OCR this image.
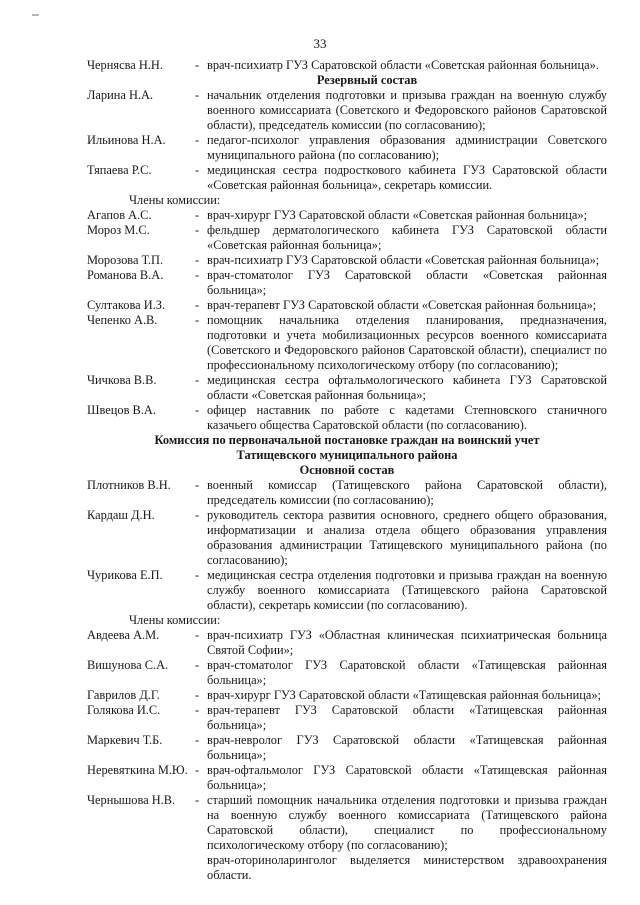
33
Чернясва Н.Н.	- врач-психиатр ГУЗ Саратовской области «Советская районная больница».
Резервный состав
Ларина Н.А.	- начальник отделения подготовки и призыва граждан на военную службу военного комиссариата (Советского и Федоровского районов Саратовской области), председатель комиссии (по согласованию);
Ильинова Н.А.	- педагог-психолог управления образования администрации Советского муниципального района (по согласованию);
Тяпаева Р.С.	- медицинская сестра подросткового кабинета ГУЗ Саратовской области «Советская районная больница», секретарь комиссии.
Члены комиссии:
Агапов А.С.	- врач-хирург ГУЗ Саратовской области «Советская районная больница»;
Мороз М.С.	- фельдшер дерматологического кабинета ГУЗ Саратовской области «Советская районная больница»;
Морозова Т.П.	- врач-психиатр ГУЗ Саратовской области «Советская районная больница»;
Романова В.А.	- врач-стоматолог ГУЗ Саратовской области «Советская районная больница»;
Султакова И.З.	- врач-терапевт ГУЗ Саратовской области «Советская районная больница»;
Чепенко А.В.	- помощник начальника отделения планирования, предназначения, подготовки и учета мобилизационных ресурсов военного комиссариата (Советского и Федоровского районов Саратовской области), специалист по профессиональному психологическому отбору (по согласованию);
Чичкова В.В.	- медицинская сестра офтальмологического кабинета ГУЗ Саратовской области «Советская районная больница»;
Швецов В.А.	- офицер наставник по работе с кадетами Степновского станичного казачьего общества Саратовской области (по согласованию).
Комиссия по первоначальной постановке граждан на воинский учет
Татищевского муниципального района
Основной состав
Плотников В.Н.	- военный комиссар (Татищевского района Саратовской области), председатель комиссии (по согласованию);
Кардаш Д.Н.	- руководитель сектора развития основного, среднего общего образования, информатизации и анализа отдела общего образования управления образования администрации Татищевского муниципального района (по согласованию);
Чурикова Е.П.	- медицинская сестра отделения подготовки и призыва граждан на военную службу военного комиссариата (Татищевского района Саратовской области), секретарь комиссии (по согласованию).
Члены комиссии:
Авдеева А.М.	- врач-психиатр ГУЗ «Областная клиническая психиатрическая больница Святой Софии»;
Вишунова С.А.	- врач-стоматолог ГУЗ Саратовской области «Татищевская районная больница»;
Гаврилов Д.Г.	- врач-хирург ГУЗ Саратовской области «Татищевская районная больница»;
Голякова И.С.	- врач-терапевт ГУЗ Саратовской области «Татищевская районная больница»;
Маркевич Т.Б.	- врач-невролог ГУЗ Саратовской области «Татищевская районная больница»;
Неревяткина М.Ю. - врач-офтальмолог ГУЗ Саратовской области «Татищевская районная больница»;
Чернышова Н.В.	- старший помощник начальника отделения подготовки и призыва граждан на военную службу военного комиссариата (Татищевского района Саратовской области), специалист по профессиональному психологическому отбору (по согласованию);
врач-оториноларинголог выделяется министерством здравоохранения области.
